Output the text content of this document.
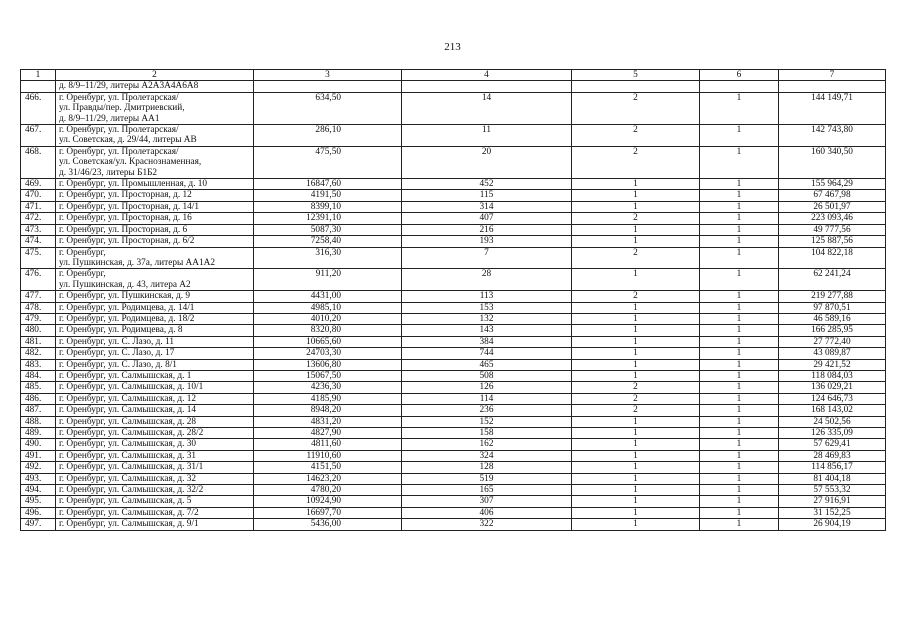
213
1	2	3	4	5	6	7
	д. 8/9–11/29, литеры А2А3А4А6А8					
466.	г. Оренбург, ул. Пролетарская/
ул. Правды/пер. Дмитриевский,
д. 8/9–11/29, литеры АА1	634,50	14	2	1	144 149,71
467.	г. Оренбург, ул. Пролетарская/
ул. Советская, д. 29/44, литеры АВ	286,10	11	2	1	142 743,80
468.	г. Оренбург, ул. Пролетарская/
ул. Советская/ул. Краснознаменная,
д. 31/46/23, литеры Б1Б2	475,50	20	2	1	160 340,50
469.	г. Оренбург, ул. Промышленная, д. 10	16847,60	452	1	1	155 964,29
470.	г. Оренбург, ул. Просторная, д. 12	4191,50	115	1	1	67 467,98
471.	г. Оренбург, ул. Просторная, д. 14/1	8399,10	314	1	1	26 501,97
472.	г. Оренбург, ул. Просторная, д. 16	12391,10	407	2	1	223 093,46
473.	г. Оренбург, ул. Просторная, д. 6	5087,30	216	1	1	49 777,56
474.	г. Оренбург, ул. Просторная, д. 6/2	7258,40	193	1	1	125 887,56
475.	г. Оренбург,
ул. Пушкинская, д. 37а, литеры АА1А2	316,30	7	2	1	104 822,18
476.	г. Оренбург,
ул. Пушкинская, д. 43, литера А2	911,20	28	1	1	62 241,24
477.	г. Оренбург, ул. Пушкинская, д. 9	4431,00	113	2	1	219 277,88
478.	г. Оренбург, ул. Родимцева, д. 14/1	4985,10	153	1	1	97 870,51
479.	г. Оренбург, ул. Родимцева, д. 18/2	4010,20	132	1	1	46 589,16
480.	г. Оренбург, ул. Родимцева, д. 8	8320,80	143	1	1	166 285,95
481.	г. Оренбург, ул. С. Лазо, д. 11	10665,60	384	1	1	27 772,40
482.	г. Оренбург, ул. С. Лазо, д. 17	24703,30	744	1	1	43 089,87
483.	г. Оренбург, ул. С. Лазо, д. 8/1	13606,80	465	1	1	29 421,52
484.	г. Оренбург, ул. Салмышская, д. 1	15067,50	508	1	1	118 084,03
485.	г. Оренбург, ул. Салмышская, д. 10/1	4236,30	126	2	1	136 029,21
486.	г. Оренбург, ул. Салмышская, д. 12	4185,90	114	2	1	124 646,73
487.	г. Оренбург, ул. Салмышская, д. 14	8948,20	236	2	1	168 143,02
488.	г. Оренбург, ул. Салмышская, д. 28	4831,20	152	1	1	24 502,56
489.	г. Оренбург, ул. Салмышская, д. 28/2	4827,90	158	1	1	126 335,09
490.	г. Оренбург, ул. Салмышская, д. 30	4811,60	162	1	1	57 629,41
491.	г. Оренбург, ул. Салмышская, д. 31	11910,60	324	1	1	28 469,83
492.	г. Оренбург, ул. Салмышская, д. 31/1	4151,50	128	1	1	114 856,17
493.	г. Оренбург, ул. Салмышская, д. 32	14623,20	519	1	1	81 404,18
494.	г. Оренбург, ул. Салмышская, д. 32/2	4780,20	165	1	1	57 553,32
495.	г. Оренбург, ул. Салмышская, д. 5	10924,90	307	1	1	27 916,91
496.	г. Оренбург, ул. Салмышская, д. 7/2	16697,70	406	1	1	31 152,25
497.	г. Оренбург, ул. Салмышская, д. 9/1	5436,00	322	1	1	26 904,19
